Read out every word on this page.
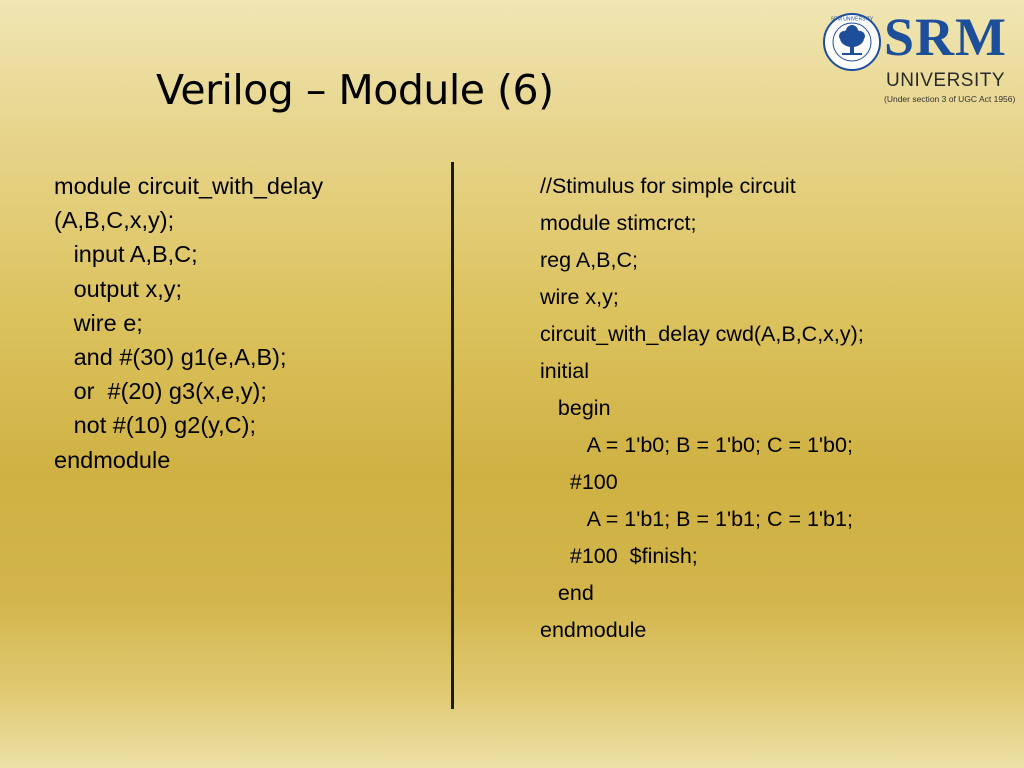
Verilog – Module (6)
SRM UNIVERSITY SRM
UNIVERSITY
(Under section 3 of UGC Act 1956)
module circuit_with_delay
(A,B,C,x,y);
input A,B,C;
output x,y;
wire e;
and #(30) g1(e,A,B);
or  #(20) g3(x,e,y);
not #(10) g2(y,C);
endmodule
//Stimulus for simple circuit
module stimcrct;
reg A,B,C;
wire x,y;
circuit_with_delay cwd(A,B,C,x,y);
initial
begin
A = 1'b0; B = 1'b0; C = 1'b0;
#100
A = 1'b1; B = 1'b1; C = 1'b1;
#100  $finish;
end
endmodule
